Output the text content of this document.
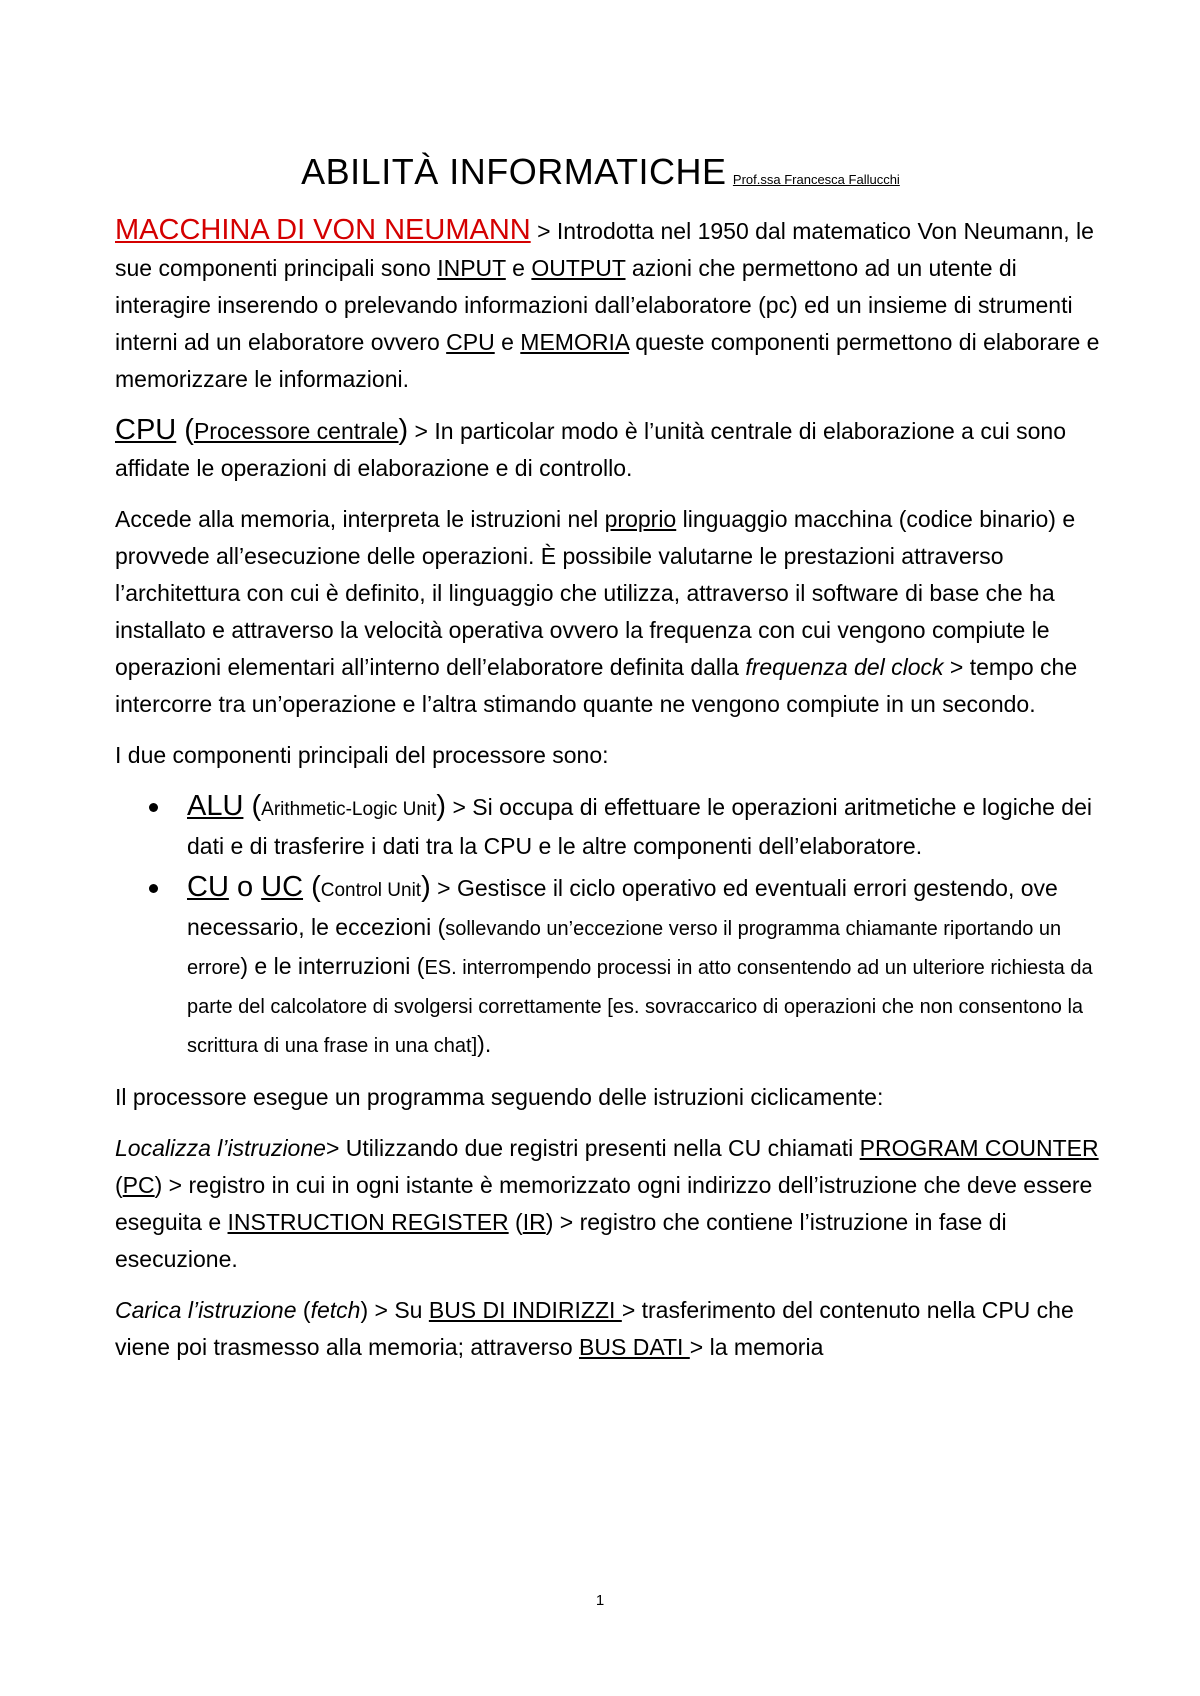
ABILITÀ INFORMATICHE Prof.ssa Francesca Fallucchi

MACCHINA DI VON NEUMANN > Introdotta nel 1950 dal matematico Von Neumann, le sue componenti principali sono INPUT e OUTPUT azioni che permettono ad un utente di interagire inserendo o prelevando informazioni dall’elaboratore (pc) ed un insieme di strumenti interni ad un elaboratore ovvero CPU e MEMORIA queste componenti permettono di elaborare e memorizzare le informazioni.

CPU (Processore centrale) > In particolar modo è l’unità centrale di elaborazione a cui sono affidate le operazioni di elaborazione e di controllo.

Accede alla memoria, interpreta le istruzioni nel proprio linguaggio macchina (codice binario) e provvede all’esecuzione delle operazioni. È possibile valutarne le prestazioni attraverso l’architettura con cui è definito, il linguaggio che utilizza, attraverso il software di base che ha installato e attraverso la velocità operativa ovvero la frequenza con cui vengono compiute le operazioni elementari all’interno dell’elaboratore definita dalla frequenza del clock > tempo che intercorre tra un’operazione e l’altra stimando quante ne vengono compiute in un secondo.

I due componenti principali del processore sono:

ALU (Arithmetic-Logic Unit) > Si occupa di effettuare le operazioni aritmetiche e logiche dei dati e di trasferire i dati tra la CPU e le altre componenti dell’elaboratore.
CU o UC (Control Unit) > Gestisce il ciclo operativo ed eventuali errori gestendo, ove necessario, le eccezioni (sollevando un’eccezione verso il programma chiamante riportando un errore) e le interruzioni (ES. interrompendo processi in atto consentendo ad un ulteriore richiesta da parte del calcolatore di svolgersi correttamente [es. sovraccarico di operazioni che non consentono la scrittura di una frase in una chat]).

Il processore esegue un programma seguendo delle istruzioni ciclicamente:

Localizza l’istruzione> Utilizzando due registri presenti nella CU chiamati PROGRAM COUNTER (PC) > registro in cui in ogni istante è memorizzato ogni indirizzo dell’istruzione che deve essere eseguita e INSTRUCTION REGISTER (IR) > registro che contiene l’istruzione in fase di esecuzione.

Carica l’istruzione (fetch) > Su BUS DI INDIRIZZI > trasferimento del contenuto nella CPU che viene poi trasmesso alla memoria; attraverso BUS DATI > la memoria

1
